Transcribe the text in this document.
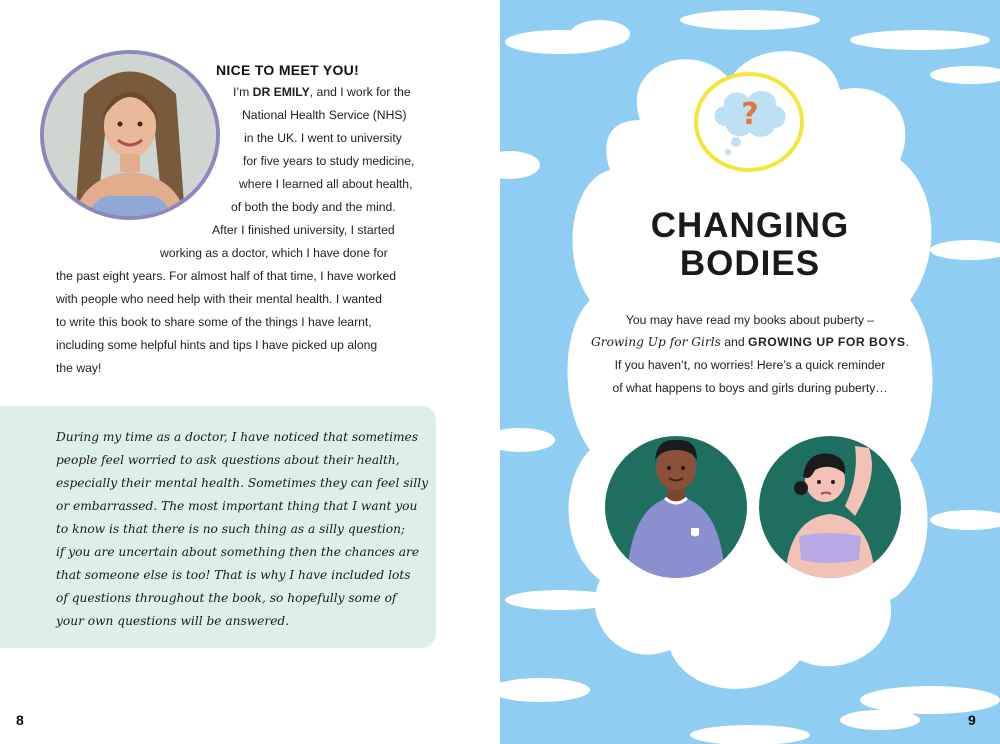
NICE TO MEET YOU!
I’m DR EMILY, and I work for the
National Health Service (NHS)
in the UK. I went to university
for five years to study medicine,
where I learned all about health,
of both the body and the mind.
After I finished university, I started
working as a doctor, which I have done for
the past eight years. For almost half of that time, I have worked
with people who need help with their mental health. I wanted
to write this book to share some of the things I have learnt,
including some helpful hints and tips I have picked up along
the way!
During my time as a doctor, I have noticed that sometimes
people feel worried to ask questions about their health,
especially their mental health. Sometimes they can feel silly
or embarrassed. The most important thing that I want you
to know is that there is no such thing as a silly question;
if you are uncertain about something then the chances are
that someone else is too! That is why I have included lots
of questions throughout the book, so hopefully some of
your own questions will be answered.
8
?
CHANGING
BODIES
You may have read my books about puberty –
Growing Up for Girls and GROWING UP FOR BOYS.
If you haven’t, no worries! Here’s a quick reminder
of what happens to boys and girls during puberty…
9
